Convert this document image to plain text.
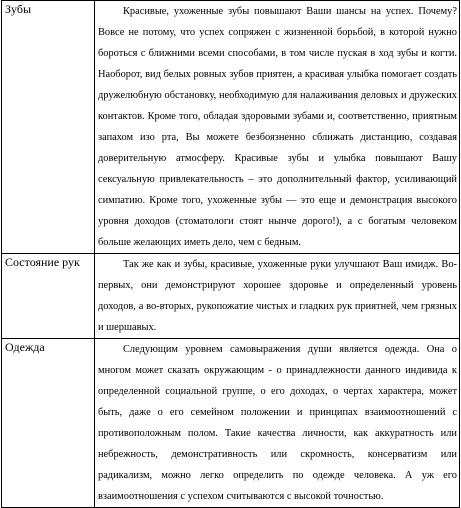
Зубы	Красивые, ухоженные зубы повышают Ваши шансы на успех. Почему? Вовсе не потому, что успех сопряжен с жизненной борьбой, в которой нужно бороться с ближними всеми способами, в том числе пуская в ход зубы и когти. Наоборот, вид белых ровных зубов приятен, а красивая улыбка помогает создать дружелюбную обстановку, необходимую для налаживания деловых и дружеских контактов. Кроме того, обладая здоровыми зубами и, соответственно, приятным запахом изо рта, Вы можете безбоязненно сближать дистанцию, создавая доверительную атмосферу. Красивые зубы и улыбка повышают Вашу сексуальную привлекательность – это дополнительный фактор, усиливающий симпатию. Кроме того, ухоженные зубы — это еще и демонстрация высокого уровня доходов (стоматологи стоят нынче дорого!), а с богатым человеком больше желающих иметь дело, чем с бедным.
Состояние рук	Так же как и зубы, красивые, ухоженные руки улучшают Ваш имидж. Во-первых, они демонстрируют хорошее здоровье и определенный уровень доходов, а во-вторых, рукопожатие чистых и гладких рук приятней, чем грязных и шершавых.
Одежда	Следующим уровнем самовыражения души является одежда. Она о многом может сказать окружающим - о принадлежности данного индивида к определенной социальной группе, о его доходах, о чертах характера, может быть, даже о его семейном положении и принципах взаимоотношений с противоположным полом. Такие качества личности, как аккуратность или небрежность, демонстративность или скромность, консерватизм или радикализм, можно легко определить по одежде человека. А уж его взаимоотношения с успехом считываются с высокой точностью.
